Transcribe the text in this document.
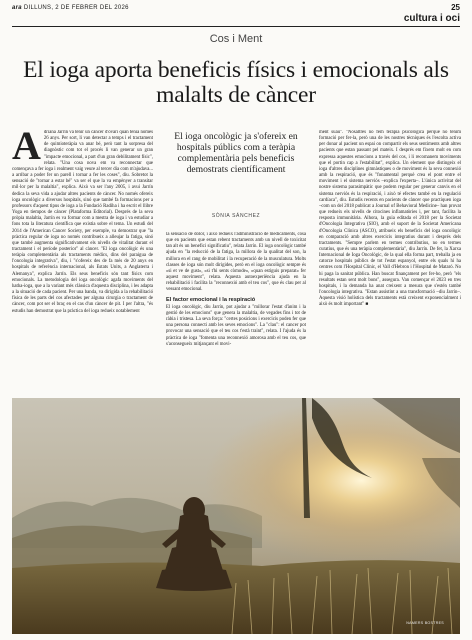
ara DILLUNS, 2 DE FEBRER DEL 2026	25
cultura i oci
Cos i Ment
El ioga aporta beneficis físics i emocionals als malalts de càncer
A driana Jarrín va tenir un càncer d'ovari quan tenia només 26 anys. Per sort, li van detectar a temps i el tractament de quimioteràpia va anar bé, però tant la sorpresa del diagnòstic com tot el procés li van generar un gran "impacte emocional, a part d'un gran debilitament físic", relata. "Una cosa nova em va reconnectar que començava a fer ioga i realment vaig veure al tercer dia com m'ajudava... a arribar a poder fer un parell i tornar a fer les coses", diu. Sobretot la sensació de "tornar a estar bé" va ser el que la va empènyer a transitar mil·lor per la malaltia", explica. Això va ser l'any 2005, i avui Jarrín dedica la seva vida a ajudar altres pacients de càncer. No només ofereix ioga oncològic a diversos hospitals, sinó que també fa formacions per a professors d'aquest tipus de ioga a la Fundació Radiha i ha escrit el llibre Yoga en tiempos de cáncer (Plataforma Editorial). Després de la seva pròpia malaltia, Jarrín es va formar com a mestra de ioga i va estudiar a fons tota la literatura científica que existia sobre el tema. Un estudi del 2014 de l'American Cancer Society, per exemple, va demostrar que "la pràctica regular de ioga no només contribueix a alleujar la fatiga, sinó que també augmenta significativament els nivells de vitalitat durant el tractament i el període posterior" al càncer. "El ioga oncològic és una teràpia complementària als tractaments mèdics, dins del paraigua de l'oncologia integrativa", diu, i "s'ofereix des de fa més de 20 anys en hospitals de referència internacional, als Estats Units, a Anglaterra i Alemanya", explica Jarrín. Els seus beneficis són tant físics com emocionals. La metodologia del ioga oncològic agafa moviments del hatha-ioga, que a la variant més clàssica d'aquesta disciplina, i les adapta a la situació de cada pacient. Per una banda, va dirigida a la rehabilitació física de les parts del cos afectades per alguna cirurgia o tractament de càncer, com pot ser el braç en el cas d'un càncer de pit. I per l'altra, "és estudis han demostrat que la pràctica del ioga redueix notablement
El ioga oncològic ja s'ofereix en hospitals públics com a teràpia complementària pels beneficis demostrats científicament
SÒNIA SÁNCHEZ

la sensació de dolor, i això redueix l'administració de medicaments, cosa que en pacients que estan rebent tractaments amb un nivell de toxicitat tan alt és un benefici significatiu", relata Jarrín. El ioga oncològic també ajuda en "la reducció de la fatiga, la millora de la qualitat del son, la millora en el rang de mobilitat i la recuperació de la musculatura. Molts classes de ioga són molt dirigides, però en el ioga oncològic sempre és «si et ve de gust», «si t'hi sents còmode», «quan estiguis preparat» fer aquest moviment", relata. Aquesta autoexperiència ajuda en la rehabilitació i facilita la "reconnexió amb el teu cos", que és clau per al vessant emocional.

El factor emocional i la respiració

El ioga oncològic, diu Jarrín, pot ajudar a "millorar l'estat d'ànim i la gestió de les emocions" que genera la malaltia, de vegades fins i tot de ràbia i tristesa. La seva força: "certes posicions i exercicis poden fer que una persona connecti amb les seves emocions". La "clau": el cancer pot provocar una sensació que el teu cos t'està traint", relata. I l'ajuda és la pràctica de ioga "fomenta una reconnexió amorosa amb el teu cos, que s'aconsegueix mitjançant el movi-

ment suau". "Nosaltres no fem teràpia psicològica perquè no tenim formació per fer-la, però una de les nostres tècniques és l'escolta activa per donar al pacient un espai on compartir els seus sentiments amb altres pacients que estan passant pel mateix. I després em fixem molt en com expressa aquestes emocions a través del cos, i li recomanem moviments que el portin cap a l'estabilitat", explica. Un element que distingeix el ioga d'altres disciplines gimnàstiques o de moviment és la seva connexió amb la respiració, que és "fonamental perquè crea el pont entre el moviment i el sistema nerviós –explica l'experta–. L'única activitat del nostre sistema parasimpàtic que podem regular per generar canvis en el sistema nerviós és la respiració, i això té efectes també en la regulació cardíaca", diu. Estudis recents en pacients de càncer que practiquen ioga –com un del 2018 publicat a Journal of Behavioral Medicine– han provat que redueix els nivells de citocines inflamatòries i, per tant, facilita la resposta immunitària. Alhora, la guia editada el 2018 per la Societat d'Oncologia Integrativa (SIO), amb el suport de la Societat Americana d'Oncologia Clínica (ASCO), atribueix els beneficis del ioga oncològic en comparació amb altres exercicis integratius durant i després dels tractaments. "Sempre parlem en termes contributius, no en termes curatius, que és una teràpia complementària", diu Jarrín. De fet, la Xarxa Internacional de Ioga Oncològic, de la qual ella forma part, treballa ja en catorze hospitals públics de tot l'estat espanyol, entre els quals hi ha centres com l'Hospital Clínic, el Vall d'Hebron i l'Hospital de Mataró. No hi paga la sanitat pública. Han buscat finançament per fer-ho, però "els resultats estan sent molt bons", assegura. Van començar el 2023 en tres hospitals, i la demanda ha anat creixent a mesura que s'estén també l'oncologia integrativa. "Estan assistint a una transformació –diu Jarrín–. Aquesta visió holística dels tractaments està creixent exponencialment i això és molt important" ■
NAMERS BOSTRES
